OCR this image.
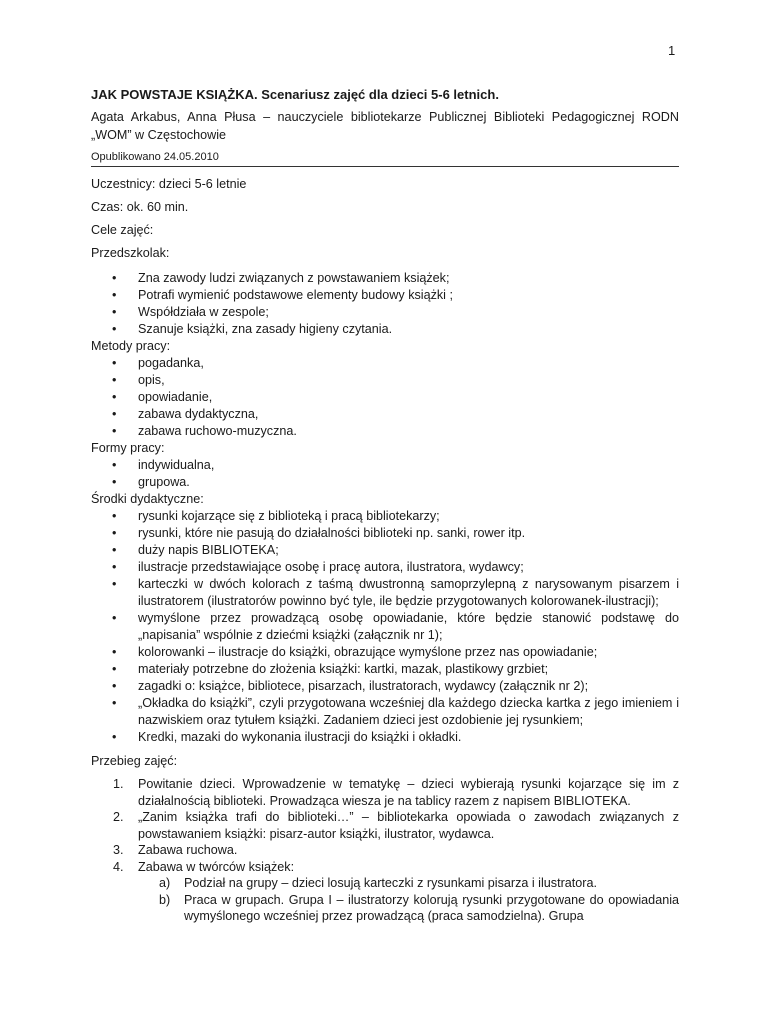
1

JAK POWSTAJE KSIĄŻKA. Scenariusz zajęć dla dzieci 5-6 letnich.

Agata Arkabus, Anna Płusa – nauczyciele bibliotekarze Publicznej Biblioteki Pedagogicznej RODN „WOM” w Częstochowie

Opublikowano 24.05.2010

Uczestnicy: dzieci 5-6 letnie

Czas: ok. 60 min.

Cele zajęć:

Przedszkolak:

• Zna zawody ludzi związanych z powstawaniem książek;
• Potrafi wymienić podstawowe elementy budowy książki ;
• Współdziała w zespole;
• Szanuje książki, zna zasady higieny czytania.

Metody pracy:

• pogadanka,
• opis,
• opowiadanie,
• zabawa dydaktyczna,
• zabawa ruchowo-muzyczna.

Formy pracy:

• indywidualna,
• grupowa.

Środki dydaktyczne:

• rysunki kojarzące się z biblioteką i pracą bibliotekarzy;
• rysunki, które nie pasują do działalności biblioteki np. sanki, rower itp.
• duży napis BIBLIOTEKA;
• ilustracje przedstawiające osobę i pracę autora, ilustratora, wydawcy;
• karteczki w dwóch kolorach z taśmą dwustronną samoprzylepną z narysowanym pisarzem i ilustratorem (ilustratorów powinno być tyle, ile będzie przygotowanych kolorowanek-ilustracji);
• wymyślone przez prowadzącą osobę opowiadanie, które będzie stanowić podstawę do „napisania” wspólnie z dziećmi książki (załącznik nr 1);
• kolorowanki – ilustracje do książki, obrazujące wymyślone przez nas opowiadanie;
• materiały potrzebne do złożenia książki: kartki, mazak, plastikowy grzbiet;
• zagadki o: książce, bibliotece, pisarzach, ilustratorach, wydawcy (załącznik nr 2);
• „Okładka do książki”, czyli przygotowana wcześniej dla każdego dziecka kartka z jego imieniem i nazwiskiem oraz tytułem książki. Zadaniem dzieci jest ozdobienie jej rysunkiem;
• Kredki, mazaki do wykonania ilustracji do książki i okładki.

Przebieg zajęć:

1. Powitanie dzieci. Wprowadzenie w tematykę – dzieci wybierają rysunki kojarzące się im z działalnością biblioteki. Prowadząca wiesza je na tablicy razem z napisem BIBLIOTEKA.
2. „Zanim książka trafi do biblioteki…” – bibliotekarka opowiada o zawodach związanych z powstawaniem książki: pisarz-autor książki, ilustrator, wydawca.
3. Zabawa ruchowa.
4. Zabawa w twórców książek:
a) Podział na grupy – dzieci losują karteczki z rysunkami pisarza i ilustratora.
b) Praca w grupach. Grupa I – ilustratorzy kolorują rysunki przygotowane do opowiadania wymyślonego wcześniej przez prowadzącą (praca samodzielna). Grupa
